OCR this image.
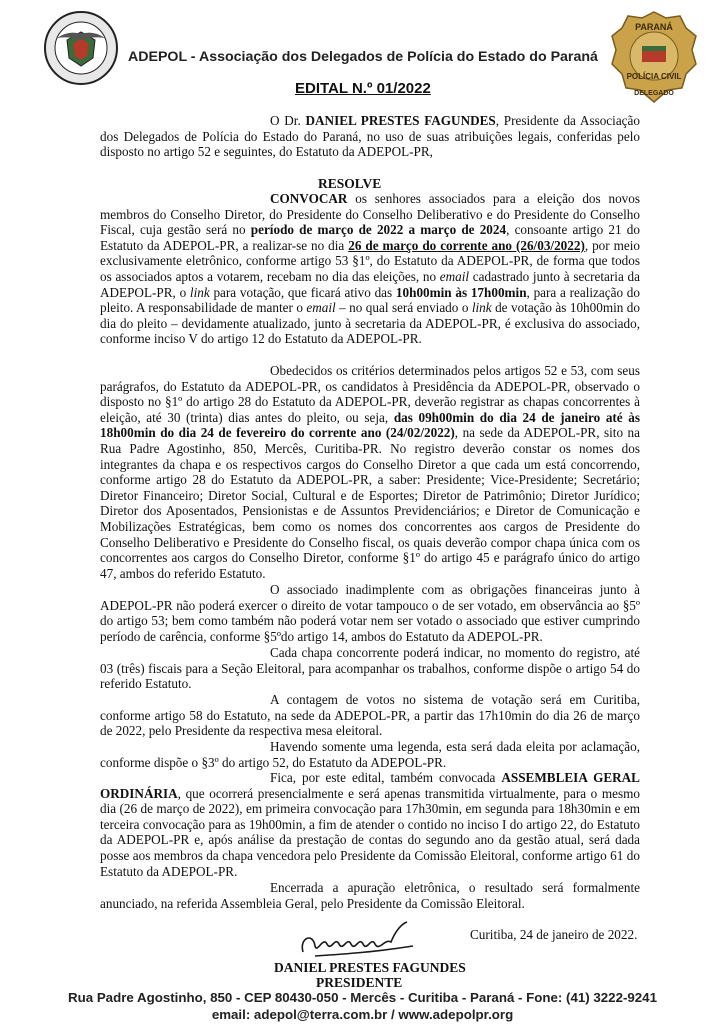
ADEPOL - Associação dos Delegados de Polícia do Estado do Paraná
PARANÁ
POLÍCIA CIVIL
DELEGADO
EDITAL N.º 01/2022

O Dr. DANIEL PRESTES FAGUNDES, Presidente da Associação dos Delegados de Polícia do Estado do Paraná, no uso de suas atribuições legais, conferidas pelo disposto no artigo 52 e seguintes, do Estatuto da ADEPOL-PR,

RESOLVE

CONVOCAR os senhores associados para a eleição dos novos membros do Conselho Diretor, do Presidente do Conselho Deliberativo e do Presidente do Conselho Fiscal, cuja gestão será no período de março de 2022 a março de 2024, consoante artigo 21 do Estatuto da ADEPOL-PR, a realizar-se no dia 26 de março do corrente ano (26/03/2022), por meio exclusivamente eletrônico, conforme artigo 53 §1º, do Estatuto da ADEPOL-PR, de forma que todos os associados aptos a votarem, recebam no dia das eleições, no email cadastrado junto à secretaria da ADEPOL-PR, o link para votação, que ficará ativo das 10h00min às 17h00min, para a realização do pleito. A responsabilidade de manter o email – no qual será enviado o link de votação às 10h00min do dia do pleito – devidamente atualizado, junto à secretaria da ADEPOL-PR, é exclusiva do associado, conforme inciso V do artigo 12 do Estatuto da ADEPOL-PR.

Obedecidos os critérios determinados pelos artigos 52 e 53, com seus parágrafos, do Estatuto da ADEPOL-PR, os candidatos à Presidência da ADEPOL-PR, observado o disposto no §1º do artigo 28 do Estatuto da ADEPOL-PR, deverão registrar as chapas concorrentes à eleição, até 30 (trinta) dias antes do pleito, ou seja, das 09h00min do dia 24 de janeiro até às 18h00min do dia 24 de fevereiro do corrente ano (24/02/2022), na sede da ADEPOL-PR, sito na Rua Padre Agostinho, 850, Mercês, Curitiba-PR. No registro deverão constar os nomes dos integrantes da chapa e os respectivos cargos do Conselho Diretor a que cada um está concorrendo, conforme artigo 28 do Estatuto da ADEPOL-PR, a saber: Presidente; Vice-Presidente; Secretário; Diretor Financeiro; Diretor Social, Cultural e de Esportes; Diretor de Patrimônio; Diretor Jurídico; Diretor dos Aposentados, Pensionistas e de Assuntos Previdenciários; e Diretor de Comunicação e Mobilizações Estratégicas, bem como os nomes dos concorrentes aos cargos de Presidente do Conselho Deliberativo e Presidente do Conselho fiscal, os quais deverão compor chapa única com os concorrentes aos cargos do Conselho Diretor, conforme §1º do artigo 45 e parágrafo único do artigo 47, ambos do referido Estatuto.

O associado inadimplente com as obrigações financeiras junto à ADEPOL-PR não poderá exercer o direito de votar tampouco o de ser votado, em observância ao §5º do artigo 53; bem como também não poderá votar nem ser votado o associado que estiver cumprindo período de carência, conforme §5ºdo artigo 14, ambos do Estatuto da ADEPOL-PR.

Cada chapa concorrente poderá indicar, no momento do registro, até 03 (três) fiscais para a Seção Eleitoral, para acompanhar os trabalhos, conforme dispõe o artigo 54 do referido Estatuto.

A contagem de votos no sistema de votação será em Curitiba, conforme artigo 58 do Estatuto, na sede da ADEPOL-PR, a partir das 17h10min do dia 26 de março de 2022, pelo Presidente da respectiva mesa eleitoral.

Havendo somente uma legenda, esta será dada eleita por aclamação, conforme dispõe o §3º do artigo 52, do Estatuto da ADEPOL-PR.

Fica, por este edital, também convocada ASSEMBLEIA GERAL ORDINÁRIA, que ocorrerá presencialmente e será apenas transmitida virtualmente, para o mesmo dia (26 de março de 2022), em primeira convocação para 17h30min, em segunda para 18h30min e em terceira convocação para as 19h00min, a fim de atender o contido no inciso I do artigo 22, do Estatuto da ADEPOL-PR e, após análise da prestação de contas do segundo ano da gestão atual, será dada posse aos membros da chapa vencedora pelo Presidente da Comissão Eleitoral, conforme artigo 61 do Estatuto da ADEPOL-PR.

Encerrada a apuração eletrônica, o resultado será formalmente anunciado, na referida Assembleia Geral, pelo Presidente da Comissão Eleitoral.

Curitiba, 24 de janeiro de 2022.
DANIEL PRESTES FAGUNDES
PRESIDENTE
Rua Padre Agostinho, 850 - CEP 80430-050 - Mercês - Curitiba - Paraná - Fone: (41) 3222-9241
email: adepol@terra.com.br / www.adepolpr.org
